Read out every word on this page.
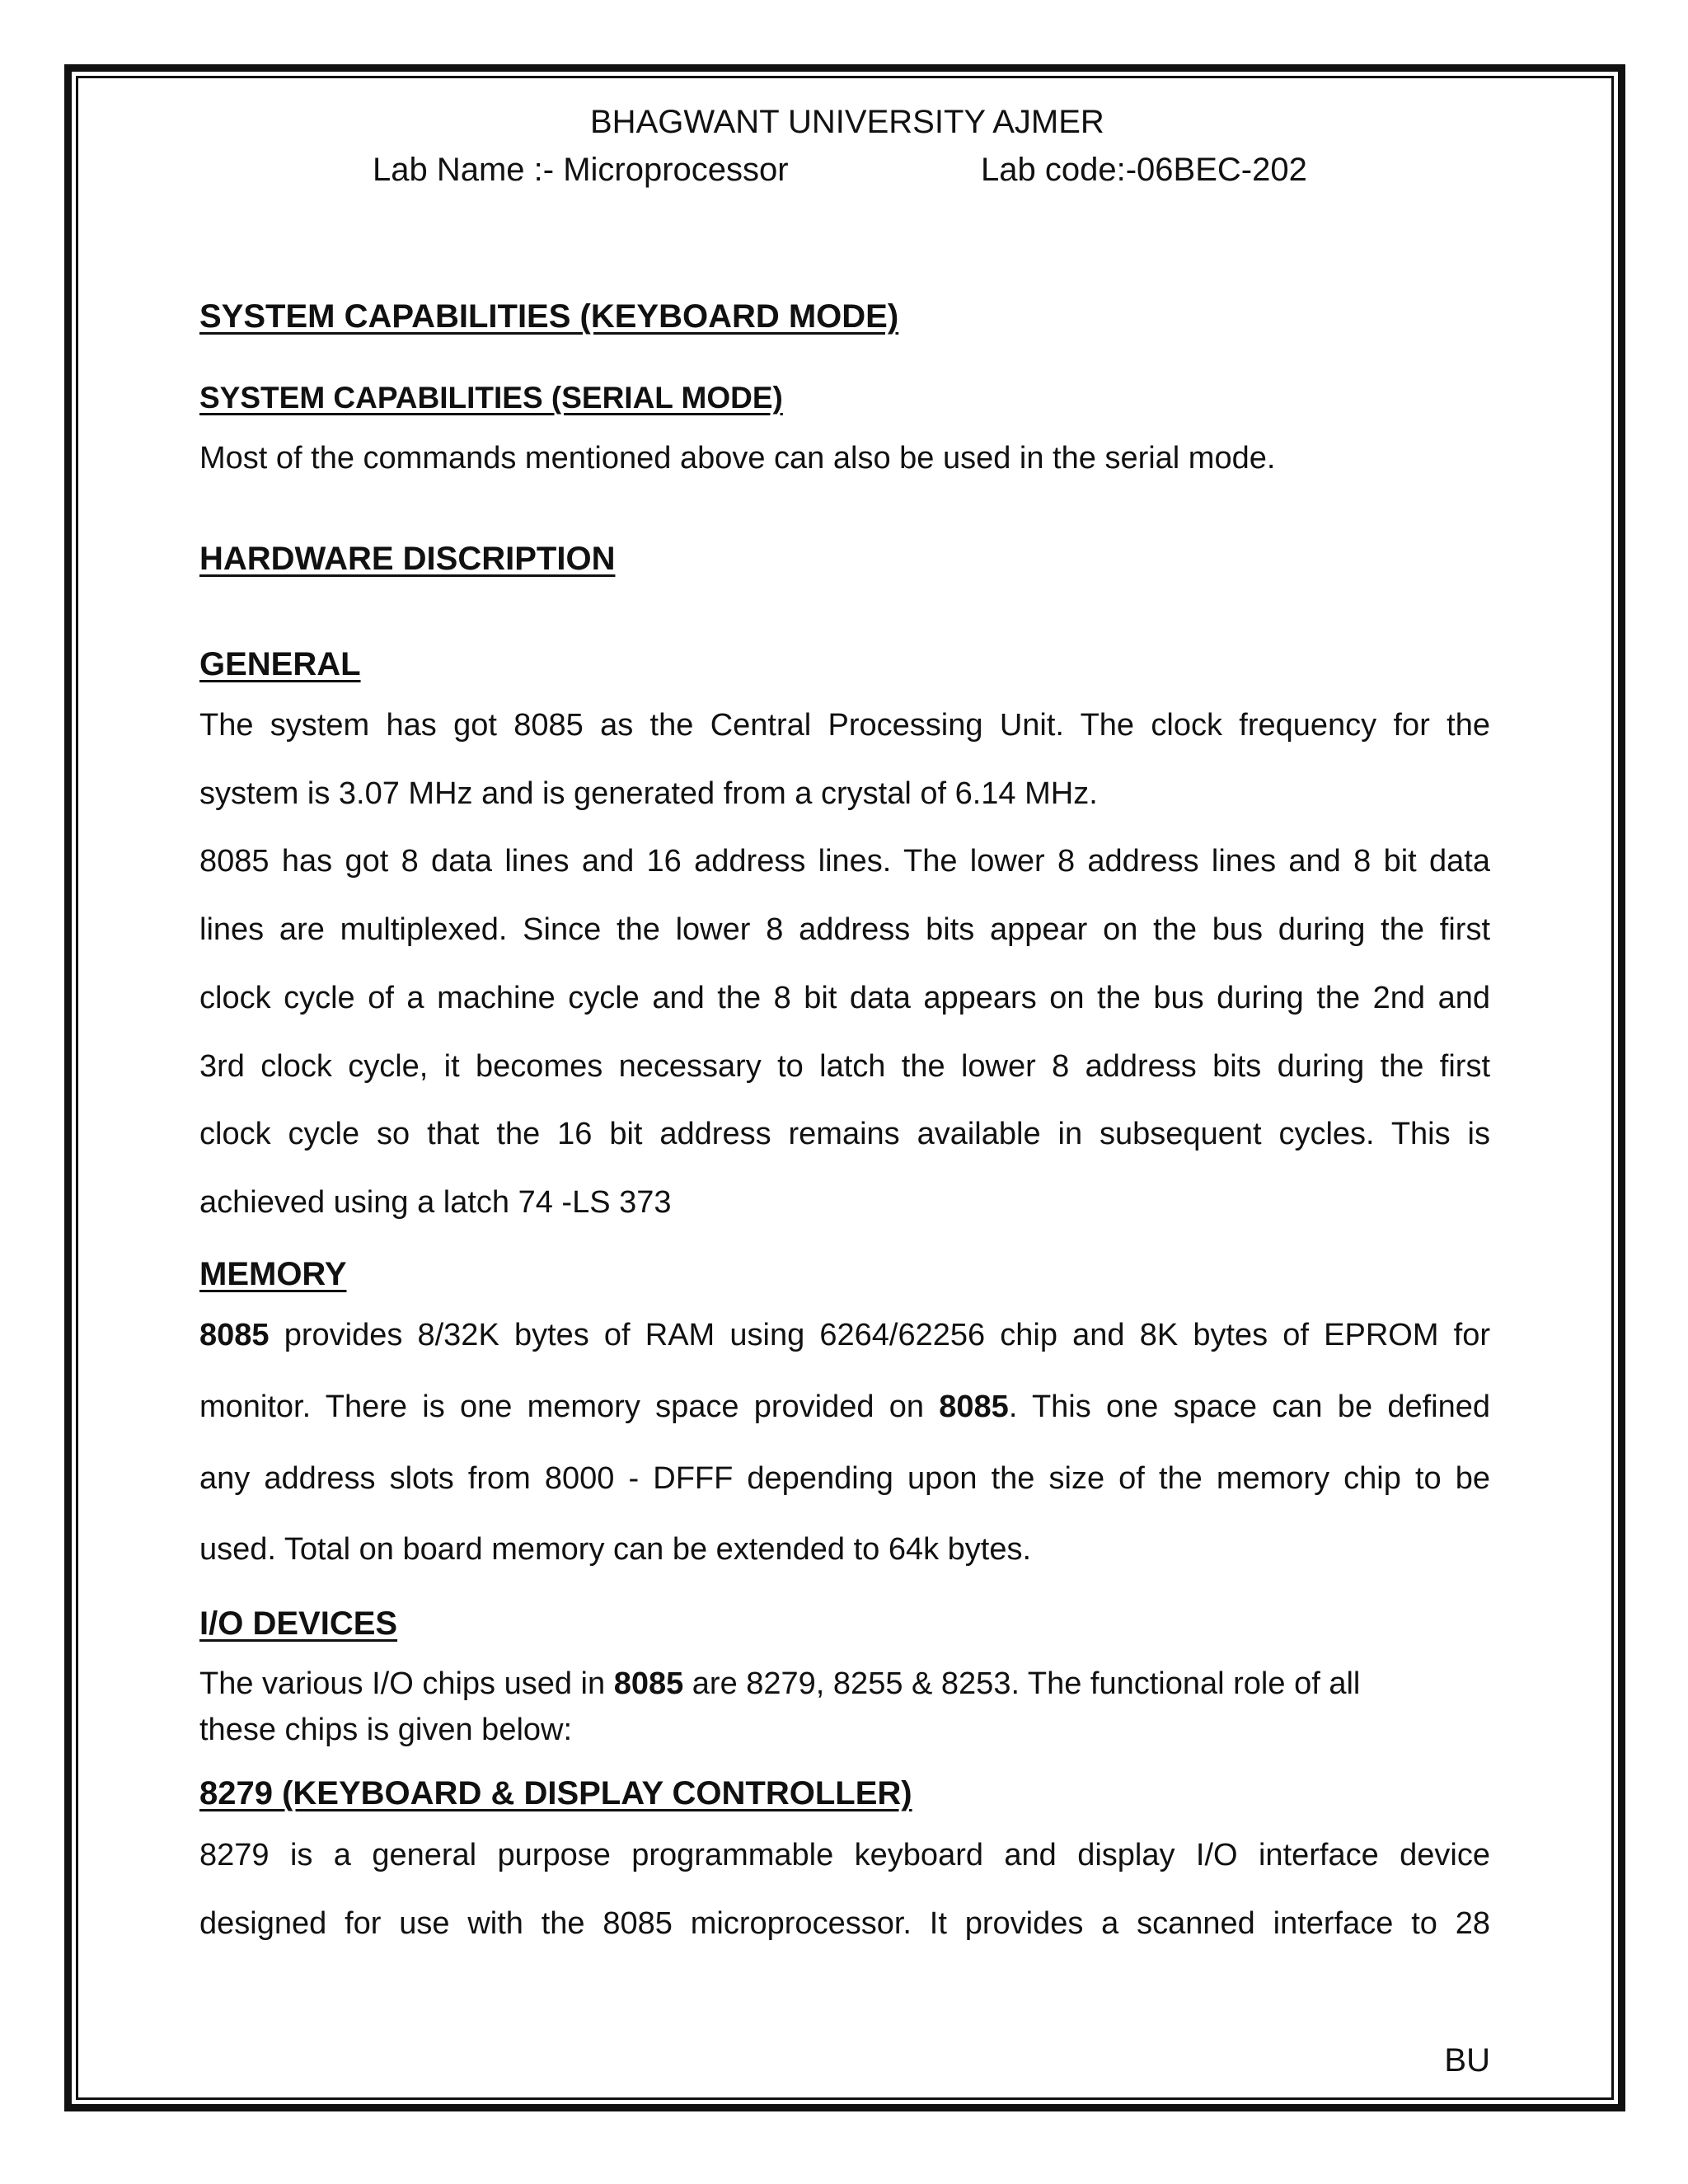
BHAGWANT UNIVERSITY AJMER
Lab Name :- Microprocessor	Lab code:-06BEC-202
SYSTEM CAPABILITIES (KEYBOARD MODE)
SYSTEM CAPABILITIES (SERIAL MODE)
Most of the commands mentioned above can also be used in the serial mode.
HARDWARE DISCRIPTION
GENERAL
The system has got 8085 as the Central Processing Unit. The clock frequency for the
system is 3.07 MHz and is generated from a crystal of 6.14 MHz.
8085 has got 8 data lines and 16 address lines. The lower 8 address lines and 8 bit data
lines are multiplexed. Since the lower 8 address bits appear on the bus during the first
clock cycle of a machine cycle and the 8 bit data appears on the bus during the 2nd and
3rd clock cycle, it becomes necessary to latch the lower 8 address bits during the first
clock cycle so that the 16 bit address remains available in subsequent cycles. This is
achieved using a latch 74 -LS 373
MEMORY
8085 provides 8/32K bytes of RAM using 6264/62256 chip and 8K bytes of EPROM for
monitor. There is one memory space provided on 8085. This one space can be defined
any address slots from 8000 - DFFF depending upon the size of the memory chip to be
used. Total on board memory can be extended to 64k bytes.
I/O DEVICES
The various I/O chips used in 8085 are 8279, 8255 & 8253. The functional role of all
these chips is given below:
8279 (KEYBOARD & DISPLAY CONTROLLER)
8279 is a general purpose programmable keyboard and display I/O interface device
designed for use with the 8085 microprocessor. It provides a scanned interface to 28
BU
